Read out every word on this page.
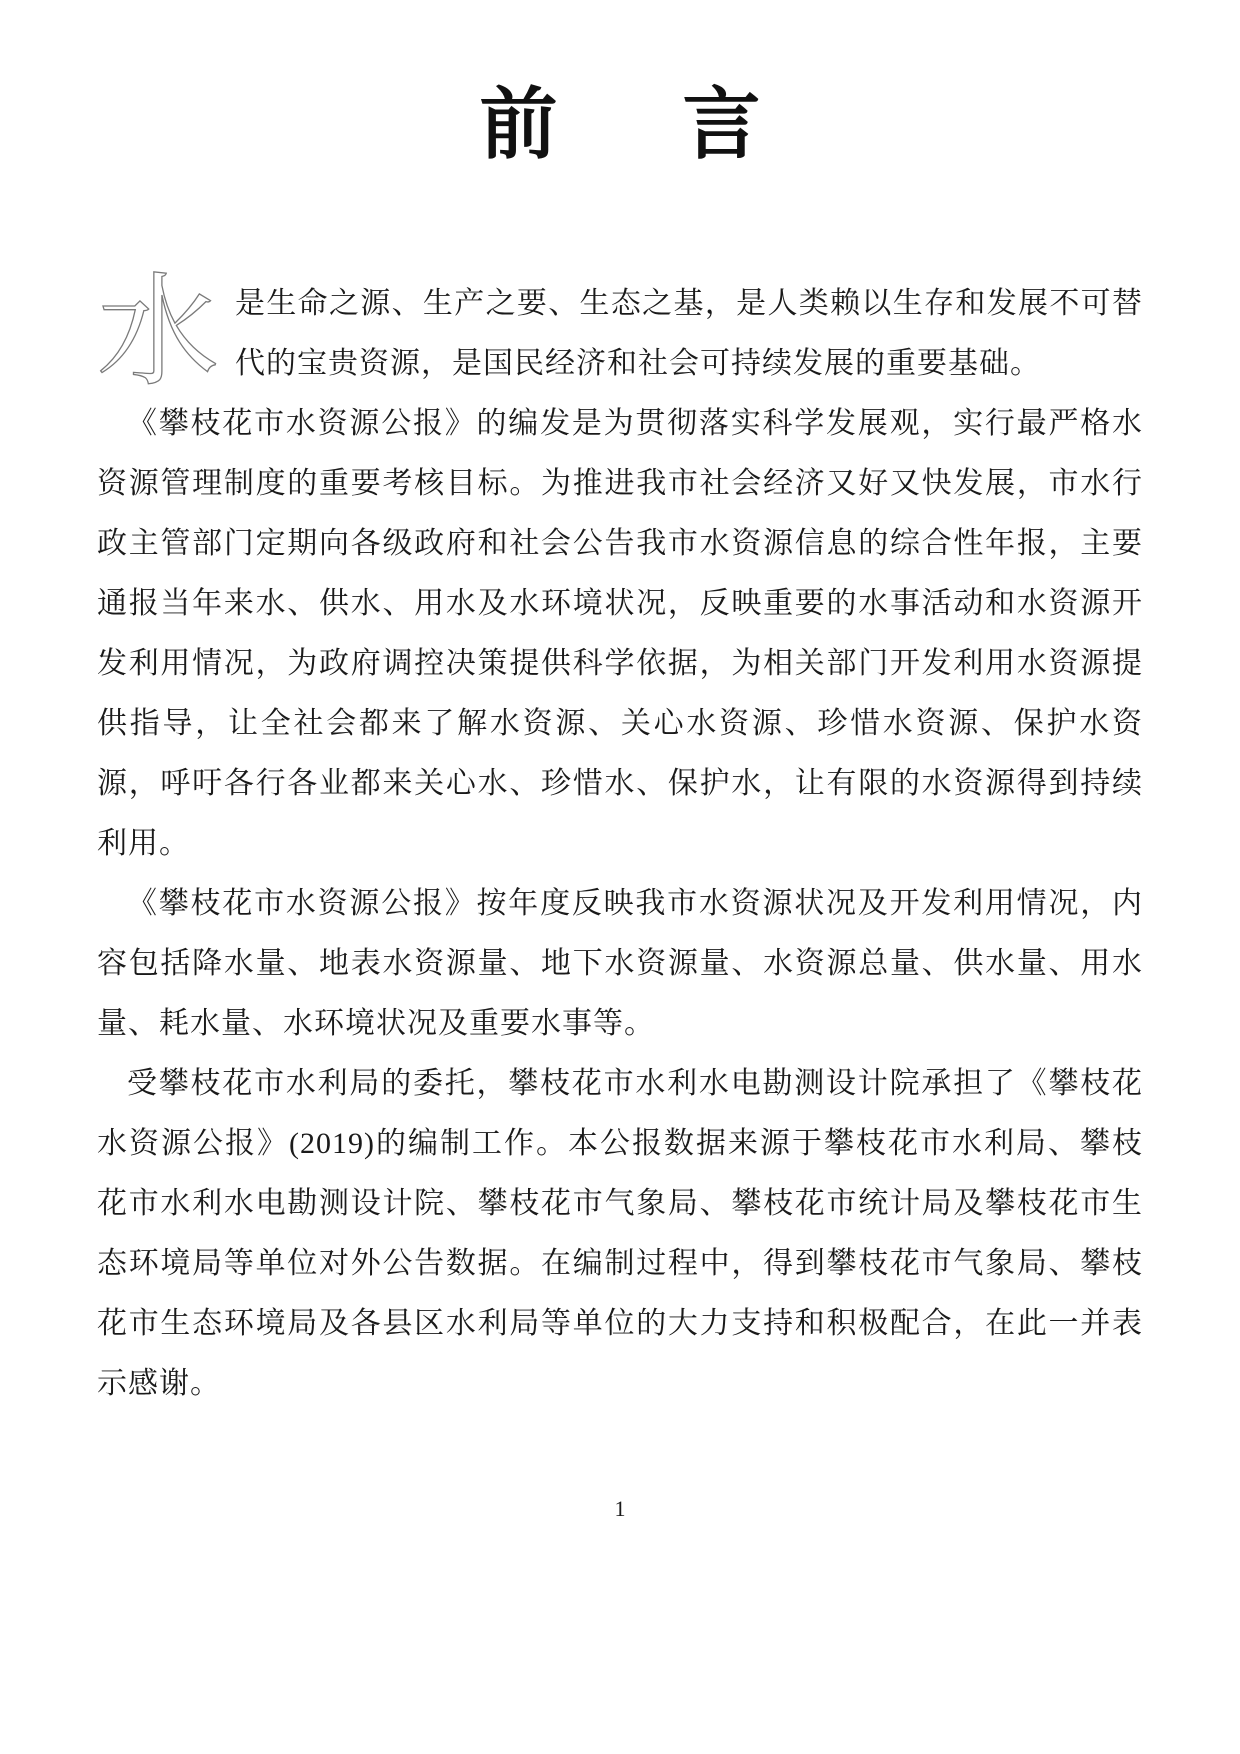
前 言

水 是生命之源、生产之要、生态之基，是人类赖以生存和发展不可替代的宝贵资源，是国民经济和社会可持续发展的重要基础。

《攀枝花市水资源公报》的编发是为贯彻落实科学发展观，实行最严格水资源管理制度的重要考核目标。为推进我市社会经济又好又快发展，市水行政主管部门定期向各级政府和社会公告我市水资源信息的综合性年报，主要通报当年来水、供水、用水及水环境状况，反映重要的水事活动和水资源开发利用情况，为政府调控决策提供科学依据，为相关部门开发利用水资源提供指导，让全社会都来了解水资源、关心水资源、珍惜水资源、保护水资源，呼吁各行各业都来关心水、珍惜水、保护水，让有限的水资源得到持续利用。

《攀枝花市水资源公报》按年度反映我市水资源状况及开发利用情况，内容包括降水量、地表水资源量、地下水资源量、水资源总量、供水量、用水量、耗水量、水环境状况及重要水事等。

受攀枝花市水利局的委托，攀枝花市水利水电勘测设计院承担了《攀枝花水资源公报》(2019)的编制工作。本公报数据来源于攀枝花市水利局、攀枝花市水利水电勘测设计院、攀枝花市气象局、攀枝花市统计局及攀枝花市生态环境局等单位对外公告数据。在编制过程中，得到攀枝花市气象局、攀枝花市生态环境局及各县区水利局等单位的大力支持和积极配合，在此一并表示感谢。

1
